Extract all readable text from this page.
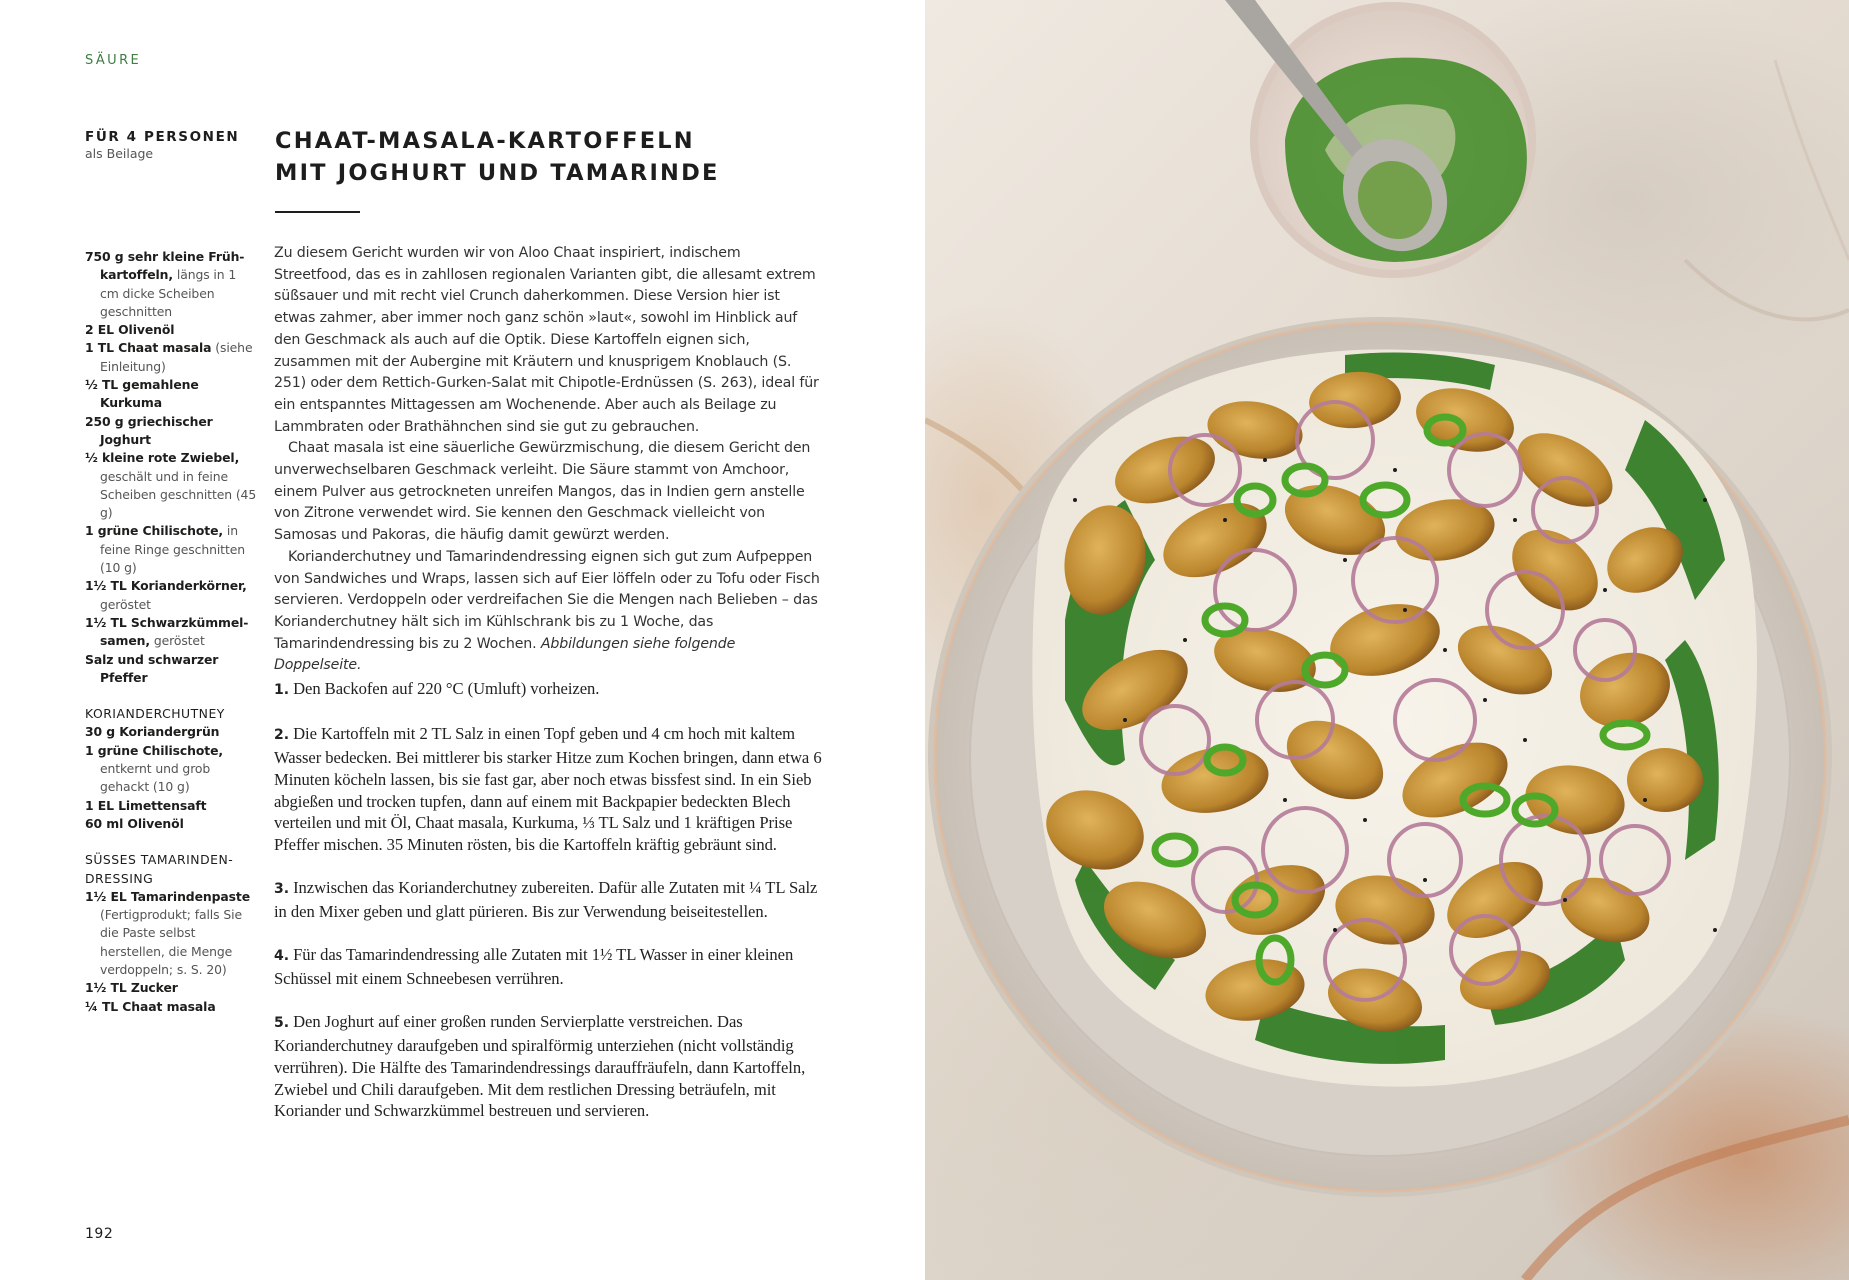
SÄURE
FÜR 4 PERSONEN
als Beilage	CHAAT-MASALA-KARTOFFELN
MIT JOGHURT UND TAMARINDE
750 g sehr kleine Früh-kartoffeln, längs in 1 cm dicke Scheiben geschnitten
2 EL Olivenöl
1 TL Chaat masala (siehe Einleitung)
½ TL gemahlene Kurkuma
250 g griechischer Joghurt
½ kleine rote Zwiebel, geschält und in feine Scheiben geschnitten (45 g)
1 grüne Chilischote, in feine Ringe geschnitten (10 g)
1½ TL Korianderkörner, geröstet
1½ TL Schwarzkümmel-samen, geröstet
Salz und schwarzer Pfeffer
KORIANDERCHUTNEY
30 g Koriandergrün
1 grüne Chilischote, entkernt und grob gehackt (10 g)
1 EL Limettensaft
60 ml Olivenöl
SÜSSES TAMARINDEN-DRESSING
1½ EL Tamarindenpaste (Fertigprodukt; falls Sie die Paste selbst herstellen, die Menge verdoppeln; s. S. 20)
1½ TL Zucker
¼ TL Chaat masala

Zu diesem Gericht wurden wir von Aloo Chaat inspiriert, indischem Streetfood, das es in zahllosen regionalen Varianten gibt, die allesamt extrem süßsauer und mit recht viel Crunch daherkommen. Diese Version hier ist etwas zahmer, aber immer noch ganz schön »laut«, sowohl im Hinblick auf den Geschmack als auch auf die Optik. Diese Kartoffeln eignen sich, zusammen mit der Aubergine mit Kräutern und knusprigem Knoblauch (S. 251) oder dem Rettich-Gurken-Salat mit Chipotle-Erdnüssen (S. 263), ideal für ein entspanntes Mittagessen am Wochenende. Aber auch als Beilage zu Lammbraten oder Brathähnchen sind sie gut zu gebrauchen.

Chaat masala ist eine säuerliche Gewürzmischung, die diesem Gericht den unverwechselbaren Geschmack verleiht. Die Säure stammt von Amchoor, einem Pulver aus getrockneten unreifen Mangos, das in Indien gern anstelle von Zitrone verwendet wird. Sie kennen den Geschmack vielleicht von Samosas und Pakoras, die häufig damit gewürzt werden.

Korianderchutney und Tamarindendressing eignen sich gut zum Aufpeppen von Sandwiches und Wraps, lassen sich auf Eier löffeln oder zu Tofu oder Fisch servieren. Verdoppeln oder verdreifachen Sie die Mengen nach Belieben – das Korianderchutney hält sich im Kühlschrank bis zu 1 Woche, das Tamarindendressing bis zu 2 Wochen. Abbildungen siehe folgende Doppelseite.

1. Den Backofen auf 220 °C (Umluft) vorheizen.

2. Die Kartoffeln mit 2 TL Salz in einen Topf geben und 4 cm hoch mit kaltem Wasser bedecken. Bei mittlerer bis starker Hitze zum Kochen bringen, dann etwa 6 Minuten köcheln lassen, bis sie fast gar, aber noch etwas bissfest sind. In ein Sieb abgießen und trocken tupfen, dann auf einem mit Backpapier bedeckten Blech verteilen und mit Öl, Chaat masala, Kurkuma, ⅓ TL Salz und 1 kräftigen Prise Pfeffer mischen. 35 Minuten rösten, bis die Kartoffeln kräftig gebräunt sind.

3. Inzwischen das Korianderchutney zubereiten. Dafür alle Zutaten mit ¼ TL Salz in den Mixer geben und glatt pürieren. Bis zur Verwendung beiseitestellen.

4. Für das Tamarindendressing alle Zutaten mit 1½ TL Wasser in einer kleinen Schüssel mit einem Schneebesen verrühren.

5. Den Joghurt auf einer großen runden Servierplatte verstreichen. Das Korianderchutney daraufgeben und spiralförmig unterziehen (nicht vollständig verrühren). Die Hälfte des Tamarindendressings darauffräufeln, dann Kartoffeln, Zwiebel und Chili daraufgeben. Mit dem restlichen Dressing beträufeln, mit Koriander und Schwarzkümmel bestreuen und servieren.

192
